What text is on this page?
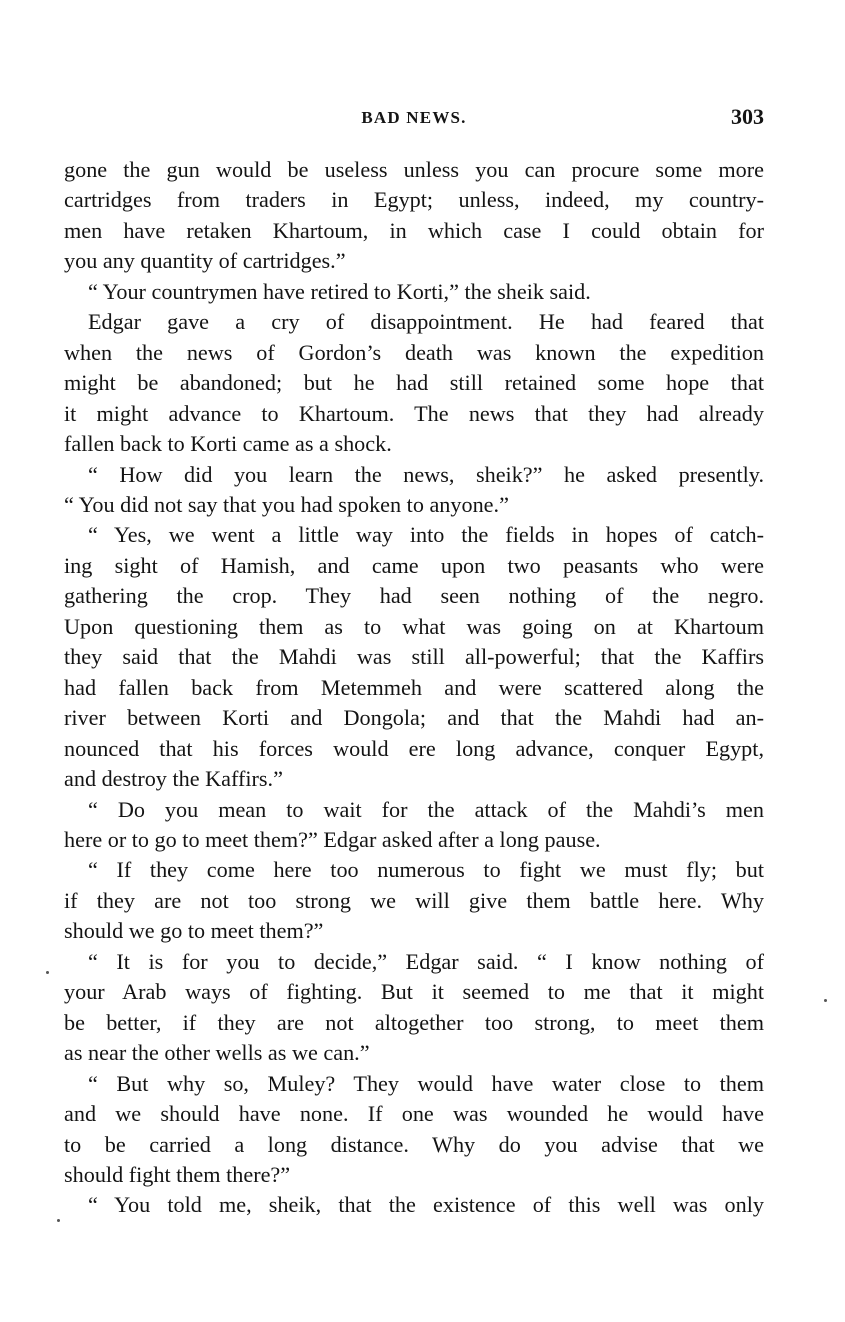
BAD NEWS.	303
gone the gun would be useless unless you can procure some more
cartridges from traders in Egypt; unless, indeed, my country-
men have retaken Khartoum, in which case I could obtain for
you any quantity of cartridges.”
“ Your countrymen have retired to Korti,” the sheik said.
Edgar gave a cry of disappointment. He had feared that
when the news of Gordon’s death was known the expedition
might be abandoned; but he had still retained some hope that
it might advance to Khartoum. The news that they had already
fallen back to Korti came as a shock.
“ How did you learn the news, sheik?” he asked presently.
“ You did not say that you had spoken to anyone.”
“ Yes, we went a little way into the fields in hopes of catch-
ing sight of Hamish, and came upon two peasants who were
gathering the crop. They had seen nothing of the negro.
Upon questioning them as to what was going on at Khartoum
they said that the Mahdi was still all-powerful; that the Kaffirs
had fallen back from Metemmeh and were scattered along the
river between Korti and Dongola; and that the Mahdi had an-
nounced that his forces would ere long advance, conquer Egypt,
and destroy the Kaffirs.”
“ Do you mean to wait for the attack of the Mahdi’s men
here or to go to meet them?” Edgar asked after a long pause.
“ If they come here too numerous to fight we must fly; but
if they are not too strong we will give them battle here. Why
should we go to meet them?”
“ It is for you to decide,” Edgar said. “ I know nothing of
your Arab ways of fighting. But it seemed to me that it might
be better, if they are not altogether too strong, to meet them
as near the other wells as we can.”
“ But why so, Muley? They would have water close to them
and we should have none. If one was wounded he would have
to be carried a long distance. Why do you advise that we
should fight them there?”
“ You told me, sheik, that the existence of this well was only
